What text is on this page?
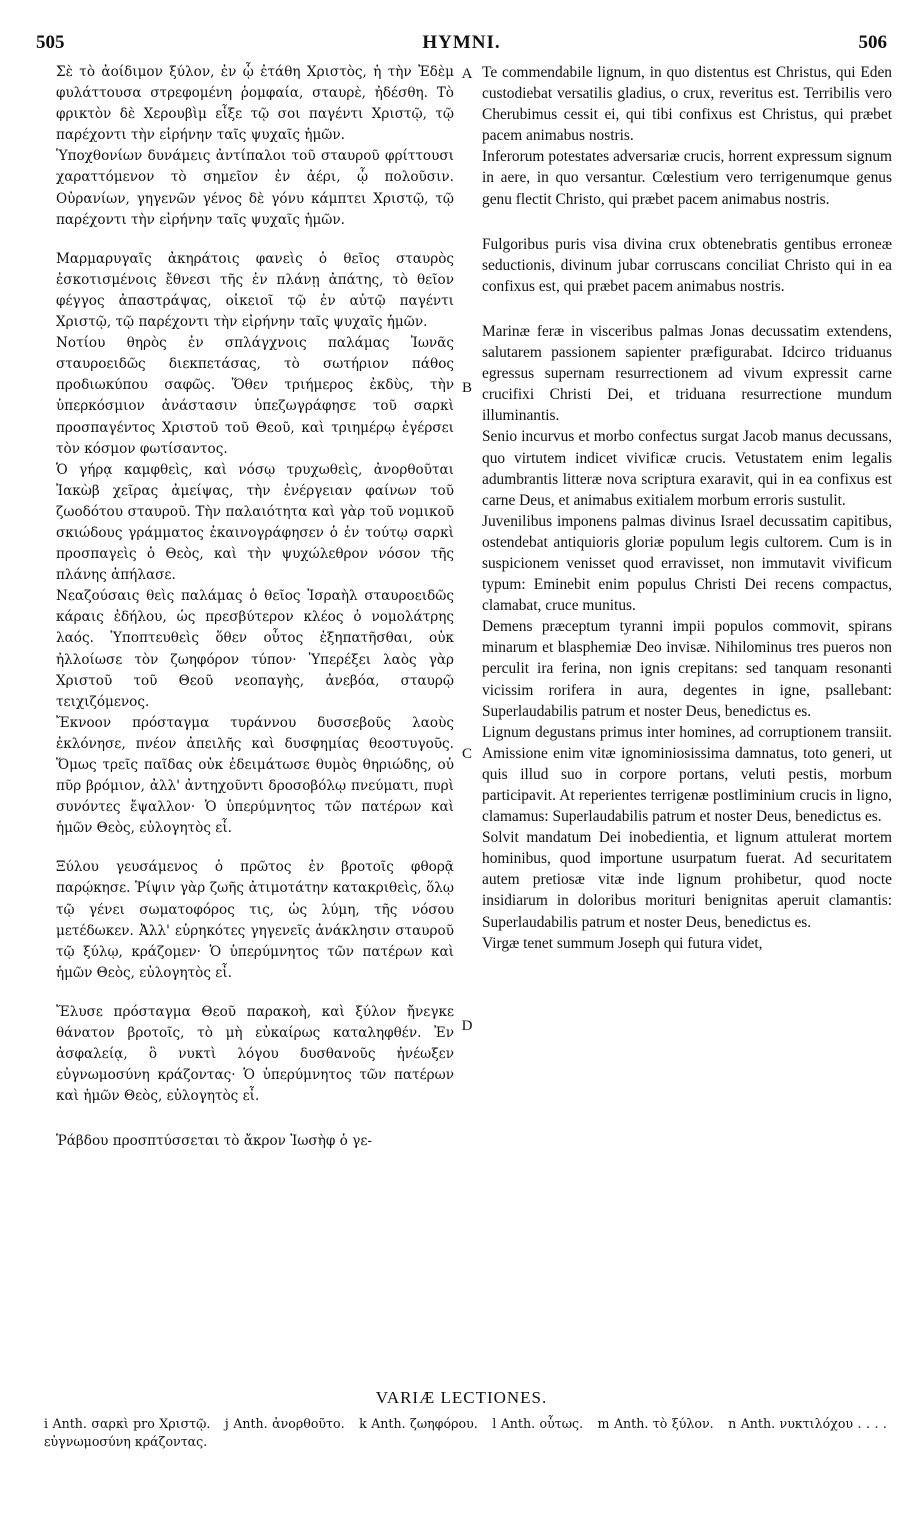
505	HYMNI.	506
A
B
C
D

Σὲ τὸ ἀοίδιμον ξύλον, ἐν ᾧ ἐτάθη Χριστὸς, ἡ τὴν Ἐδὲμ φυλάττουσα στρεφομένη ῥομφαία, σταυρὲ, ἠδέσθη. Τὸ φρικτὸν δὲ Χερουβὶμ εἶξε τῷ σοι παγέντι Χριστῷ, τῷ παρέχοντι τὴν εἰρήνην ταῖς ψυχαῖς ἡμῶν.

Ὑποχθονίων δυνάμεις ἀντίπαλοι τοῦ σταυροῦ φρίττουσι χαραττόμενον τὸ σημεῖον ἐν ἀέρι, ᾧ πολοῦσιν. Οὐρανίων, γηγενῶν γένος δὲ γόνυ κάμπτει Χριστῷ, τῷ παρέχοντι τὴν εἰρήνην ταῖς ψυχαῖς ἡμῶν.

Μαρμαρυγαῖς ἀκηράτοις φανεὶς ὁ θεῖος σταυρὸς ἐσκοτισμένοις ἔθνεσι τῆς ἐν πλάνῃ ἀπάτης, τὸ θεῖον φέγγος ἀπαστράψας, οἰκειοῖ τῷ ἐν αὐτῷ παγέντι Χριστῷ, τῷ παρέχοντι τὴν εἰρήνην ταῖς ψυχαῖς ἡμῶν.

Νοτίου θηρὸς ἐν σπλάγχνοις παλάμας Ἰωνᾶς σταυροειδῶς διεκπετάσας, τὸ σωτήριον πάθος προδιωκύπου σαφῶς. Ὅθεν τριήμερος ἐκδὺς, τὴν ὑπερκόσμιον ἀνάστασιν ὑπεζωγράφησε τοῦ σαρκὶ προσπαγέντος Χριστοῦ τοῦ Θεοῦ, καὶ τριημέρῳ ἐγέρσει τὸν κόσμον φωτίσαντος.

Ὁ γήρᾳ καμφθεὶς, καὶ νόσῳ τρυχωθεὶς, ἀνορθοῦται Ἰακὼβ χεῖρας ἀμείψας, τὴν ἐνέργειαν φαίνων τοῦ ζωοδότου σταυροῦ. Τὴν παλαιότητα καὶ γὰρ τοῦ νομικοῦ σκιώδους γράμματος ἐκαινογράφησεν ὁ ἐν τούτῳ σαρκὶ προσπαγεὶς ὁ Θεὸς, καὶ τὴν ψυχώλεθρον νόσον τῆς πλάνης ἀπήλασε.

Νεαζούσαις θεὶς παλάμας ὁ θεῖος Ἰσραὴλ σταυροειδῶς κάραις ἐδήλου, ὡς πρεσβύτερον κλέος ὁ νομολάτρης λαός. Ὑποπτευθεὶς ὅθεν οὗτος ἐξηπατῆσθαι, οὐκ ἠλλοίωσε τὸν ζωηφόρον τύπον· Ὑπερέξει λαὸς γὰρ Χριστοῦ τοῦ Θεοῦ νεοπαγὴς, ἀνεβόα, σταυρῷ τειχιζόμενος.

Ἔκνοον πρόσταγμα τυράννου δυσσεβοῦς λαοὺς ἐκλόνησε, πνέον ἀπειλῆς καὶ δυσφημίας θεοστυγοῦς. Ὅμως τρεῖς παῖδας οὐκ ἐδειμάτωσε θυμὸς θηριώδης, οὐ πῦρ βρόμιον, ἀλλ' ἀντηχοῦντι δροσοβόλῳ πνεύματι, πυρὶ συνόντες ἔψαλλον· Ὁ ὑπερύμνητος τῶν πατέρων καὶ ἡμῶν Θεὸς, εὐλογητὸς εἶ.

Ξύλου γευσάμενος ὁ πρῶτος ἐν βροτοῖς φθορᾷ παρῴκησε. Ῥίψιν γὰρ ζωῆς ἀτιμοτάτην κατακριθεὶς, ὅλῳ τῷ γένει σωματοφόρος τις, ὡς λύμη, τῆς νόσου μετέδωκεν. Ἀλλ' εὑρηκότες γηγενεῖς ἀνάκλησιν σταυροῦ τῷ ξύλῳ, κράζομεν· Ὁ ὑπερύμνητος τῶν πατέρων καὶ ἡμῶν Θεὸς, εὐλογητὸς εἶ.

Ἔλυσε πρόσταγμα Θεοῦ παρακοὴ, καὶ ξύλον ἤνεγκε θάνατον βροτοῖς, τὸ μὴ εὐκαίρως καταληφθέν. Ἐν ἀσφαλείᾳ, ὃ νυκτὶ λόγου δυσθανοῦς ἠνέωξεν εὐγνωμοσύνη κράζοντας· Ὁ ὑπερύμνητος τῶν πατέρων καὶ ἡμῶν Θεὸς, εὐλογητὸς εἶ.

Ῥάβδου προσπτύσσεται τὸ ἄκρον Ἰωσὴφ ὁ γε-

Te commendabile lignum, in quo distentus est Christus, qui Eden custodiebat versatilis gladius, o crux, reveritus est. Terribilis vero Cherubimus cessit ei, qui tibi confixus est Christus, qui præbet pacem animabus nostris.

Inferorum potestates adversariæ crucis, horrent expressum signum in aere, in quo versantur. Cœlestium vero terrigenumque genus genu flectit Christo, qui præbet pacem animabus nostris.

Fulgoribus puris visa divina crux obtenebratis gentibus erroneæ seductionis, divinum jubar corruscans conciliat Christo qui in ea confixus est, qui præbet pacem animabus nostris.

Marinæ feræ in visceribus palmas Jonas decussatim extendens, salutarem passionem sapienter præfigurabat. Idcirco triduanus egressus supernam resurrectionem ad vivum expressit carne crucifixi Christi Dei, et triduana resurrectione mundum illuminantis.

Senio incurvus et morbo confectus surgat Jacob manus decussans, quo virtutem indicet vivificæ crucis. Vetustatem enim legalis adumbrantis litteræ nova scriptura exaravit, qui in ea confixus est carne Deus, et animabus exitialem morbum erroris sustulit.

Juvenilibus imponens palmas divinus Israel decussatim capitibus, ostendebat antiquioris gloriæ populum legis cultorem. Cum is in suspicionem venisset quod erravisset, non immutavit vivificum typum: Eminebit enim populus Christi Dei recens compactus, clamabat, cruce munitus.

Demens præceptum tyranni impii populos commovit, spirans minarum et blasphemiæ Deo invisæ. Nihilominus tres pueros non perculit ira ferina, non ignis crepitans: sed tanquam resonanti vicissim rorifera in aura, degentes in igne, psallebant: Superlaudabilis patrum et noster Deus, benedictus es.

Lignum degustans primus inter homines, ad corruptionem transiit. Amissione enim vitæ ignominiosissima damnatus, toto generi, ut quis illud suo in corpore portans, veluti pestis, morbum participavit. At reperientes terrigenæ postliminium crucis in ligno, clamamus: Superlaudabilis patrum et noster Deus, benedictus es.

Solvit mandatum Dei inobedientia, et lignum attulerat mortem hominibus, quod importune usurpatum fuerat. Ad securitatem autem pretiosæ vitæ inde lignum prohibetur, quod nocte insidiarum in doloribus morituri benignitas aperuit clamantis: Superlaudabilis patrum et noster Deus, benedictus es.

Virgæ tenet summum Joseph qui futura videt,

VARIÆ LECTIONES.
i Anth. σαρκὶ pro Χριστῷ. j Anth. ἀνορθοῦτο. k Anth. ζωηφόρου. l Anth. οὗτως. m Anth. τὸ ξύλον. n Anth. νυκτιλόχου . . . . εὐγνωμοσύνη κράζοντας.
